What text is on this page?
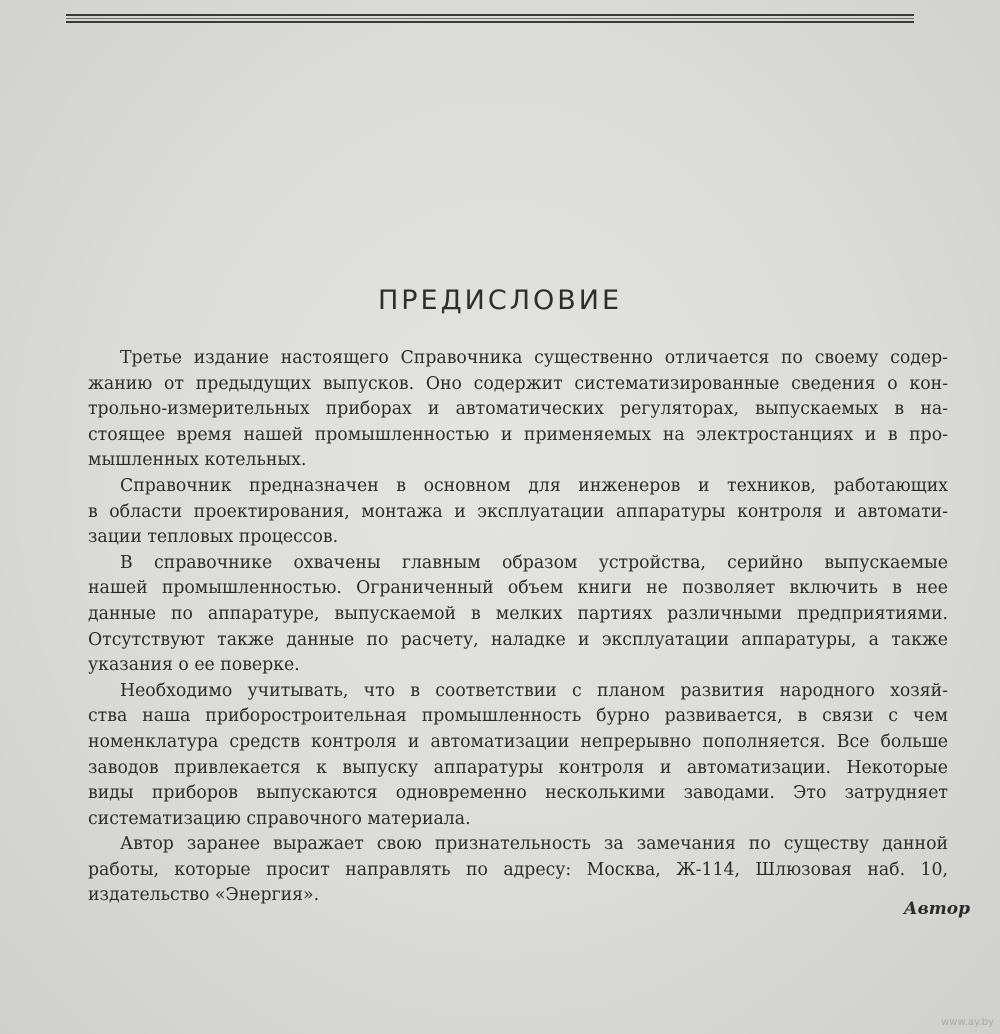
ПРЕДИСЛОВИЕ
Третье издание настоящего Справочника существенно отличается по своему содер-
жанию от предыдущих выпусков. Оно содержит систематизированные сведения о кон-
трольно-измерительных приборах и автоматических регуляторах, выпускаемых в на-
стоящее время нашей промышленностью и применяемых на электростанциях и в про-
мышленных котельных.
Справочник предназначен в основном для инженеров и техников, работающих
в области проектирования, монтажа и эксплуатации аппаратуры контроля и автомати-
зации тепловых процессов.
В справочнике охвачены главным образом устройства, серийно выпускаемые
нашей промышленностью. Ограниченный объем книги не позволяет включить в нее
данные по аппаратуре, выпускаемой в мелких партиях различными предприятиями.
Отсутствуют также данные по расчету, наладке и эксплуатации аппаратуры, а также
указания о ее поверке.
Необходимо учитывать, что в соответствии с планом развития народного хозяй-
ства наша приборостроительная промышленность бурно развивается, в связи с чем
номенклатура средств контроля и автоматизации непрерывно пополняется. Все больше
заводов привлекается к выпуску аппаратуры контроля и автоматизации. Некоторые
виды приборов выпускаются одновременно несколькими заводами. Это затрудняет
систематизацию справочного материала.
Автор заранее выражает свою признательность за замечания по существу данной
работы, которые просит направлять по адресу: Москва, Ж-114, Шлюзовая наб. 10,
издательство «Энергия».
Автор
www.ay.by
